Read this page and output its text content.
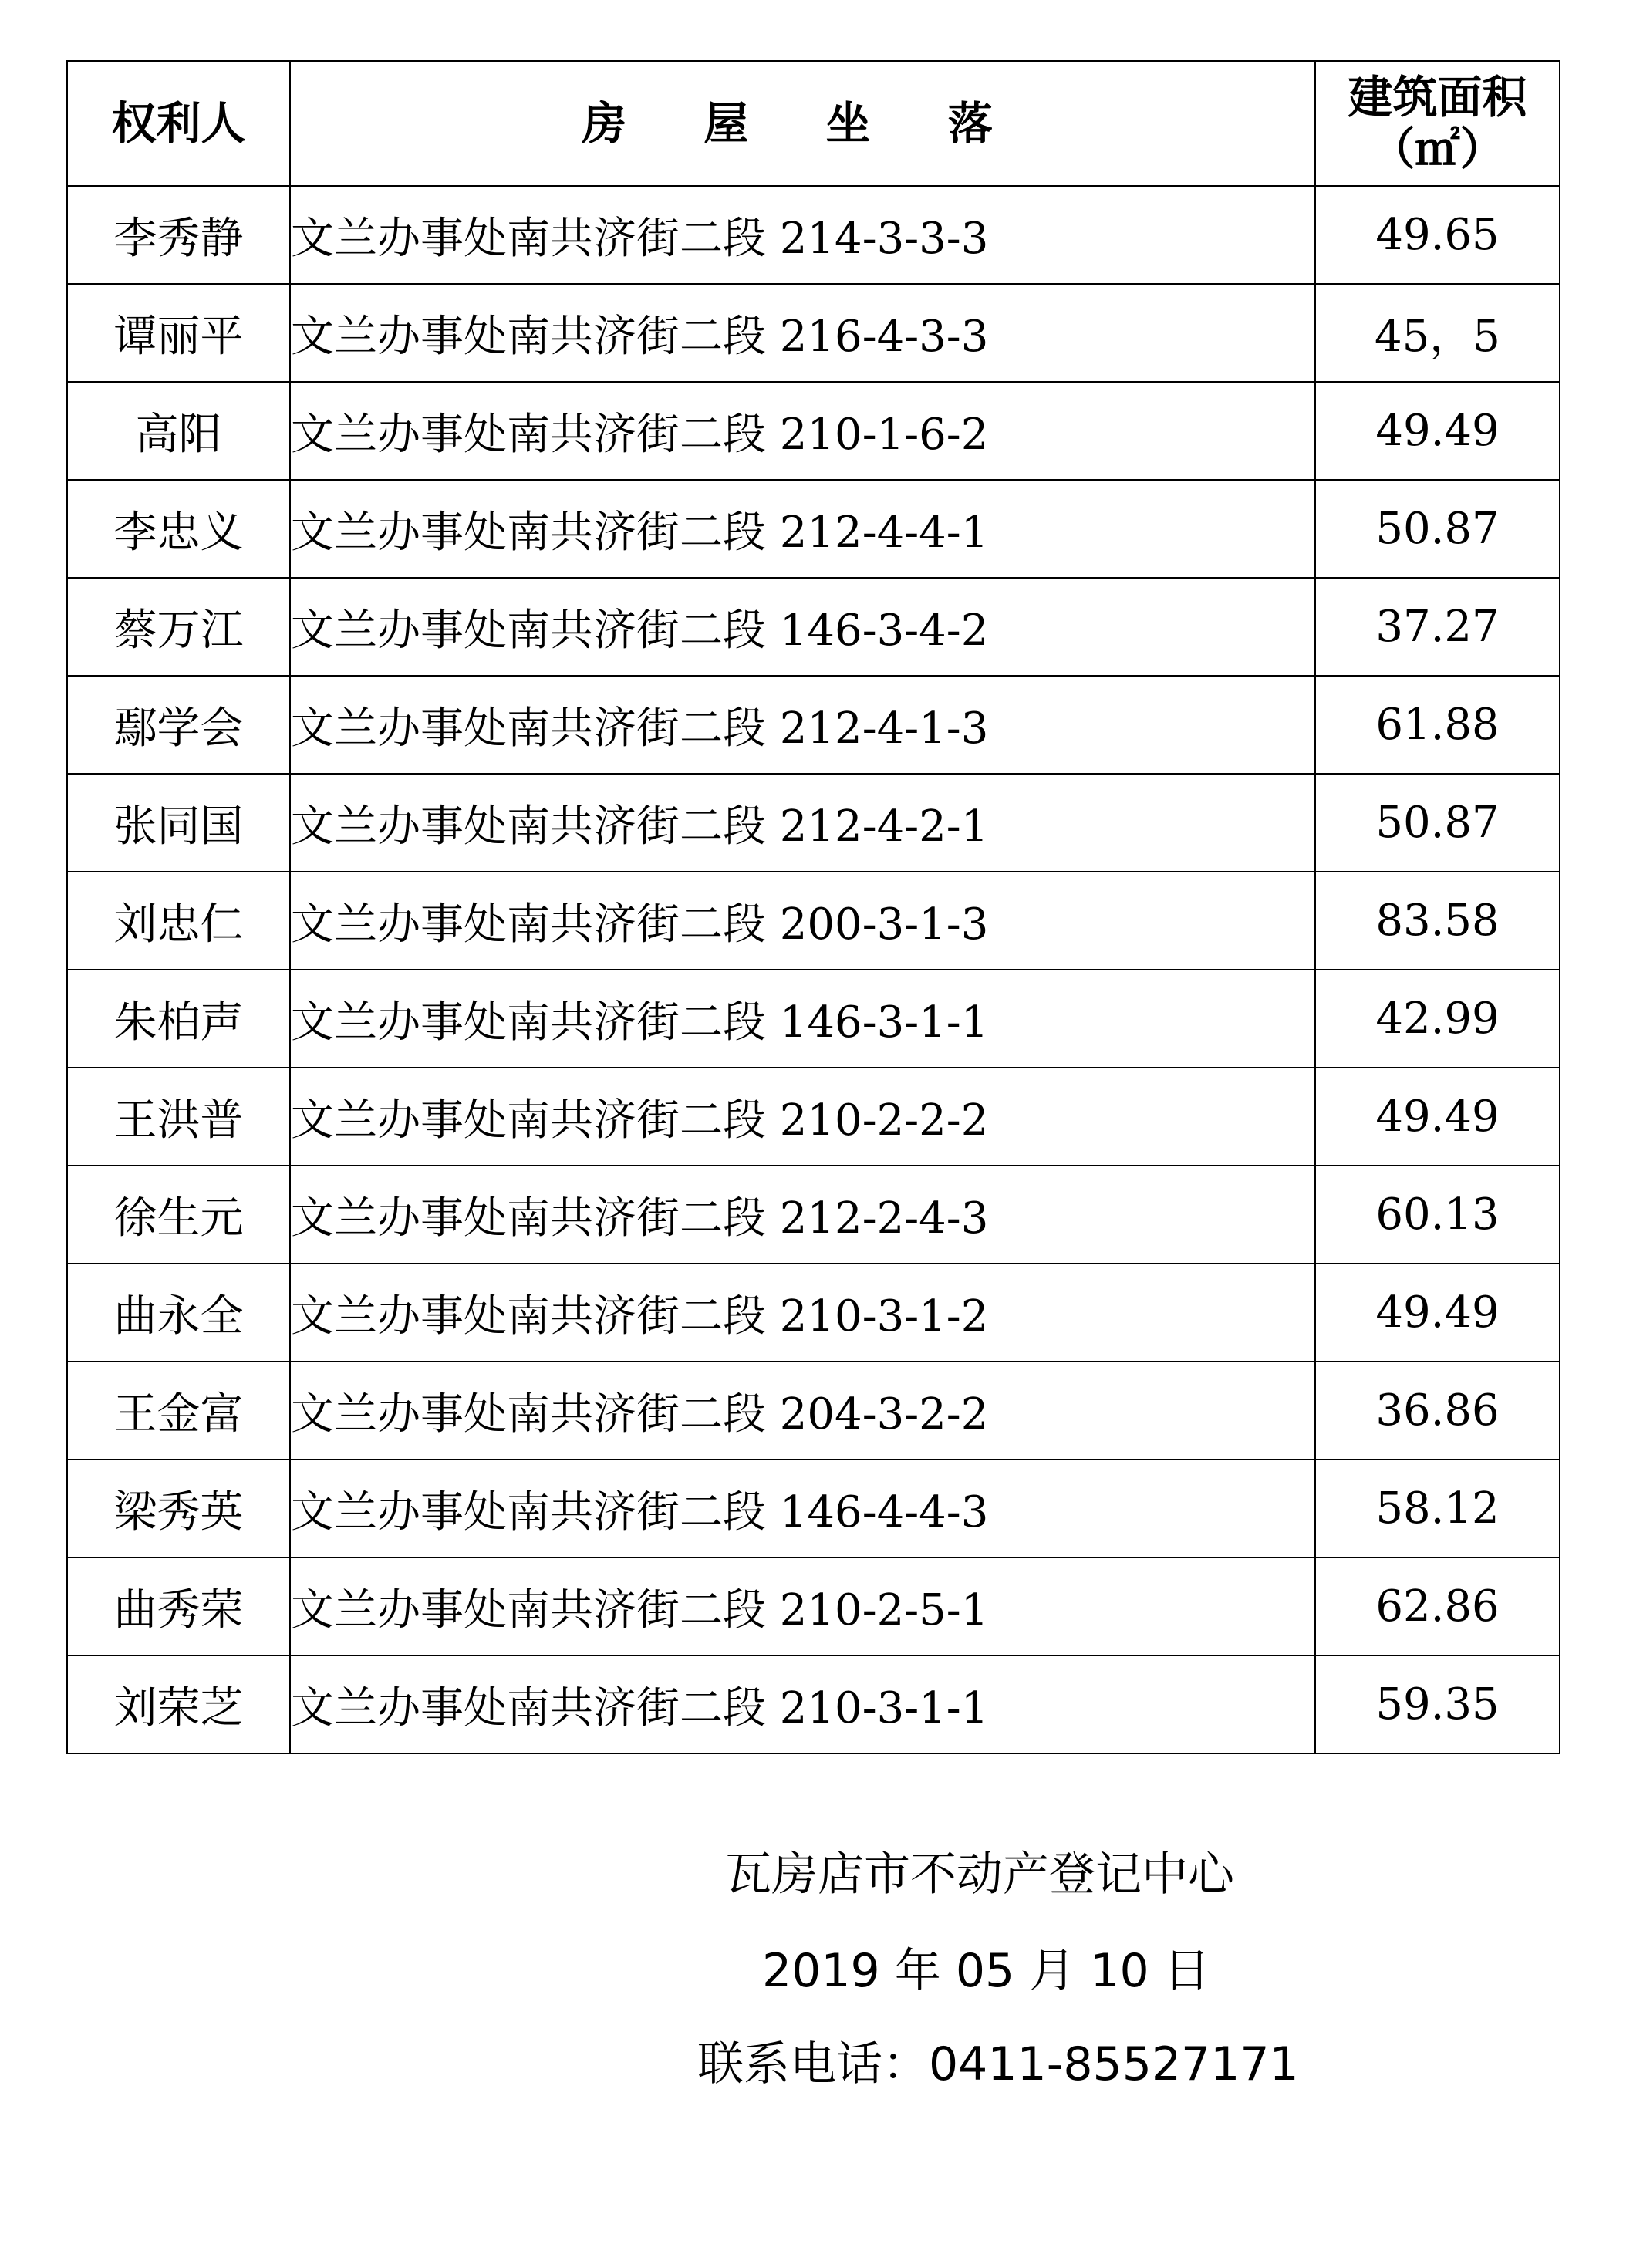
权利人	房 屋 坐 落	建筑面积
（㎡）

李秀静	文兰办事处南共济街二段 214-3-3-3	49.65
谭丽平	文兰办事处南共济街二段 216-4-3-3	45，5
高阳	文兰办事处南共济街二段 210-1-6-2	49.49
李忠义	文兰办事处南共济街二段 212-4-4-1	50.87
蔡万江	文兰办事处南共济街二段 146-3-4-2	37.27
鄢学会	文兰办事处南共济街二段 212-4-1-3	61.88
张同国	文兰办事处南共济街二段 212-4-2-1	50.87
刘忠仁	文兰办事处南共济街二段 200-3-1-3	83.58
朱柏声	文兰办事处南共济街二段 146-3-1-1	42.99
王洪普	文兰办事处南共济街二段 210-2-2-2	49.49
徐生元	文兰办事处南共济街二段 212-2-4-3	60.13
曲永全	文兰办事处南共济街二段 210-3-1-2	49.49
王金富	文兰办事处南共济街二段 204-3-2-2	36.86
梁秀英	文兰办事处南共济街二段 146-4-4-3	58.12
曲秀荣	文兰办事处南共济街二段 210-2-5-1	62.86
刘荣芝	文兰办事处南共济街二段 210-3-1-1	59.35
瓦房店市不动产登记中心
2019 年 05 月 10 日
联系电话：0411-85527171
